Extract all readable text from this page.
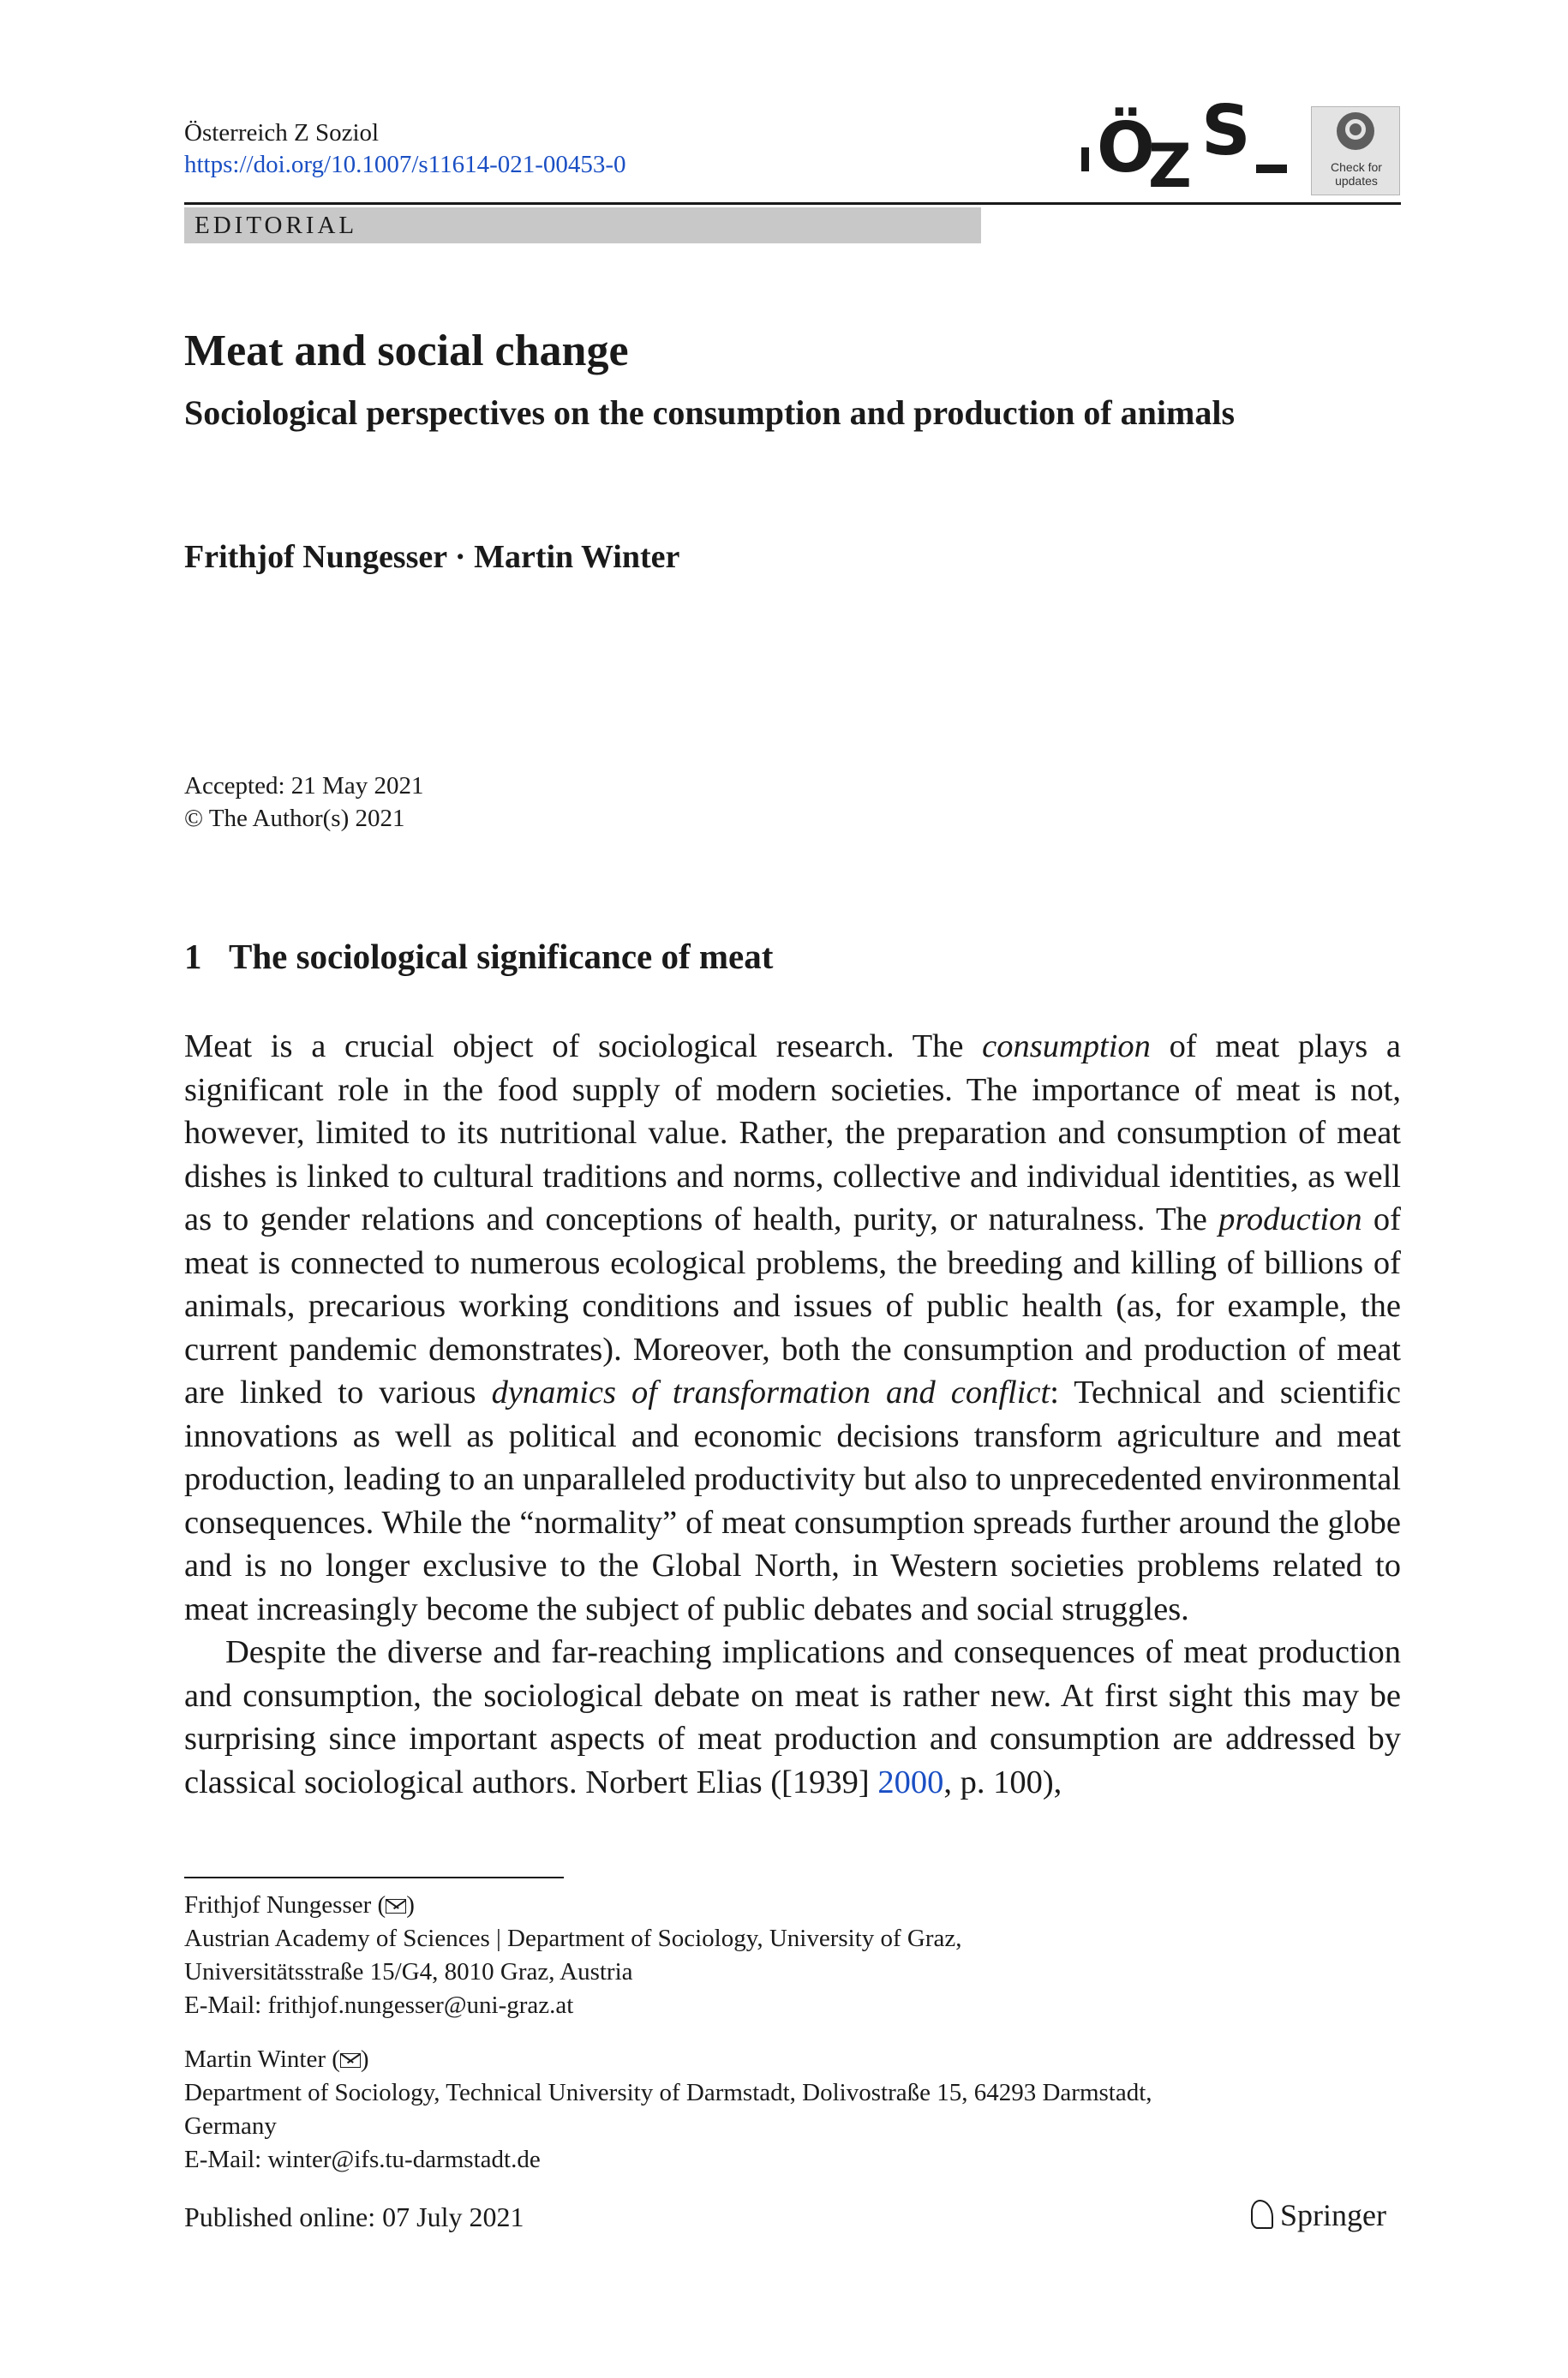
Österreich Z Soziol
https://doi.org/10.1007/s11614-021-00453-0	Ö
Z S	Check for
updates
EDITORIAL
Meat and social change
Sociological perspectives on the consumption and production of animals
Frithjof Nungesser · Martin Winter
Accepted: 21 May 2021
© The Author(s) 2021
1 The sociological significance of meat

Meat is a crucial object of sociological research. The consumption of meat plays a significant role in the food supply of modern societies. The importance of meat is not, however, limited to its nutritional value. Rather, the preparation and consumption of meat dishes is linked to cultural traditions and norms, collective and individual identities, as well as to gender relations and conceptions of health, purity, or naturalness. The production of meat is connected to numerous ecological problems, the breeding and killing of billions of animals, precarious working conditions and issues of public health (as, for example, the current pandemic demonstrates). Moreover, both the consumption and production of meat are linked to various dynamics of transformation and conflict: Technical and scientific innovations as well as political and economic decisions transform agriculture and meat production, leading to an unparalleled productivity but also to unprecedented environmental consequences. While the “normality” of meat consumption spreads further around the globe and is no longer exclusive to the Global North, in Western societies problems related to meat increasingly become the subject of public debates and social struggles.

Despite the diverse and far-reaching implications and consequences of meat production and consumption, the sociological debate on meat is rather new. At first sight this may be surprising since important aspects of meat production and consumption are addressed by classical sociological authors. Norbert Elias ([1939] 2000, p. 100),

Frithjof Nungesser ( )
Austrian Academy of Sciences | Department of Sociology, University of Graz,
Universitätsstraße 15/G4, 8010 Graz, Austria
E-Mail: frithjof.nungesser@uni-graz.at
Martin Winter ( )
Department of Sociology, Technical University of Darmstadt, Dolivostraße 15, 64293 Darmstadt,
Germany
E-Mail: winter@ifs.tu-darmstadt.de
Published online: 07 July 2021	Springer
